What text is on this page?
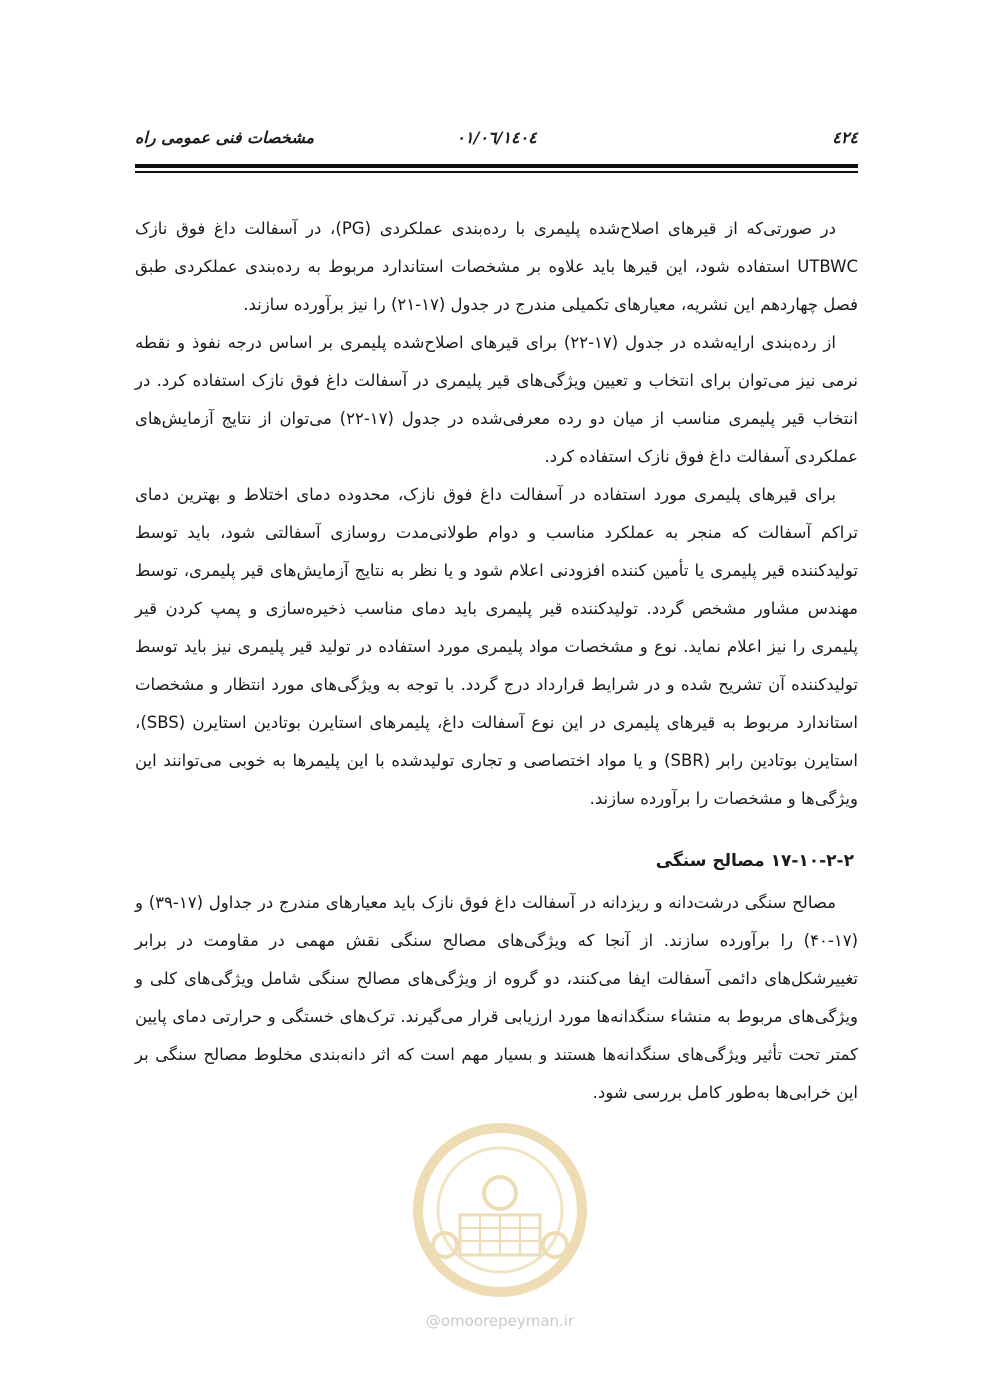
٤٢٤
۱٤۰٤/۰٦/۰۱
مشخصات فنی عمومی راه

در صورتی‌که از قیرهای اصلاح‌شده پلیمری با رده‌بندی عملکردی (PG)، در آسفالت داغ فوق نازک UTBWC استفاده شود، این قیرها باید علاوه بر مشخصات استاندارد مربوط به رده‌بندی عملکردی طبق فصل چهاردهم این نشریه، معیارهای تکمیلی مندرج در جدول (۱۷-۲۱) را نیز برآورده سازند.

از رده‌بندی ارایه‌شده در جدول (۱۷-۲۲) برای قیرهای اصلاح‌شده پلیمری بر اساس درجه نفوذ و نقطه نرمی نیز می‌توان برای انتخاب و تعیین ویژگی‌های قیر پلیمری در آسفالت داغ فوق نازک استفاده کرد. در انتخاب قیر پلیمری مناسب از میان دو رده معرفی‌شده در جدول (۱۷-۲۲) می‌توان از نتایج آزمایش‌های عملکردی آسفالت داغ فوق نازک استفاده کرد.

برای قیرهای پلیمری مورد استفاده در آسفالت داغ فوق نازک، محدوده دمای اختلاط و بهترین دمای تراکم آسفالت که منجر به عملکرد مناسب و دوام طولانی‌مدت روسازی آسفالتی شود، باید توسط تولیدکننده قیر پلیمری یا تأمین کننده افزودنی اعلام شود و یا نظر به نتایج آزمایش‌های قیر پلیمری، توسط مهندس مشاور مشخص گردد. تولیدکننده قیر پلیمری باید دمای مناسب ذخیره‌سازی و پمپ کردن قیر پلیمری را نیز اعلام نماید. نوع و مشخصات مواد پلیمری مورد استفاده در تولید قیر پلیمری نیز باید توسط تولیدکننده آن تشریح شده و در شرایط قرارداد درج گردد. با توجه به ویژگی‌های مورد انتظار و مشخصات استاندارد مربوط به قیرهای پلیمری در این نوع آسفالت داغ، پلیمرهای استایرن بوتادین استایرن (SBS)، استایرن بوتادین رابر (SBR) و یا مواد اختصاصی و تجاری تولیدشده با این پلیمرها به خوبی می‌توانند این ویژگی‌ها و مشخصات را برآورده سازند.

۱۷-۱۰-۲-۲ مصالح سنگی

مصالح سنگی درشت‌دانه و ریزدانه در آسفالت داغ فوق نازک باید معیارهای مندرج در جداول (۱۷-۳۹) و (۱۷-۴۰) را برآورده سازند. از آنجا که ویژگی‌های مصالح سنگی نقش مهمی در مقاومت در برابر تغییرشکل‌های دائمی آسفالت ایفا می‌کنند، دو گروه از ویژگی‌های مصالح سنگی شامل ویژگی‌های کلی و ویژگی‌های مربوط به منشاء سنگدانه‌ها مورد ارزیابی قرار می‌گیرند. ترک‌های خستگی و حرارتی دمای پایین کمتر تحت تأثیر ویژگی‌های سنگدانه‌ها هستند و بسیار مهم است که اثر دانه‌بندی مخلوط مصالح سنگی بر این خرابی‌ها به‌طور کامل بررسی شود.

@omoorepeyman.ir
